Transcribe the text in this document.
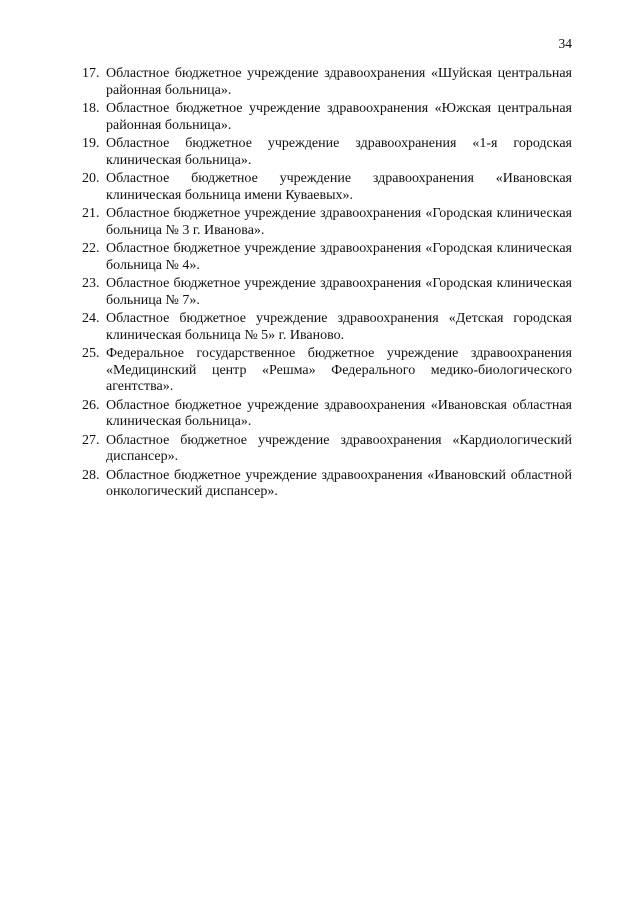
34
17. Областное бюджетное учреждение здравоохранения «Шуйская центральная районная больница».
18. Областное бюджетное учреждение здравоохранения «Южская центральная районная больница».
19. Областное бюджетное учреждение здравоохранения «1-я городская клиническая больница».
20. Областное бюджетное учреждение здравоохранения «Ивановская клиническая больница имени Куваевых».
21. Областное бюджетное учреждение здравоохранения «Городская клиническая больница № 3 г. Иванова».
22. Областное бюджетное учреждение здравоохранения «Городская клиническая больница № 4».
23. Областное бюджетное учреждение здравоохранения «Городская клиническая больница № 7».
24. Областное бюджетное учреждение здравоохранения «Детская городская клиническая больница № 5» г. Иваново.
25. Федеральное государственное бюджетное учреждение здравоохранения «Медицинский центр «Решма» Федерального медико-биологического агентства».
26. Областное бюджетное учреждение здравоохранения «Ивановская областная клиническая больница».
27. Областное бюджетное учреждение здравоохранения «Кардиологический диспансер».
28. Областное бюджетное учреждение здравоохранения «Ивановский областной онкологический диспансер».
